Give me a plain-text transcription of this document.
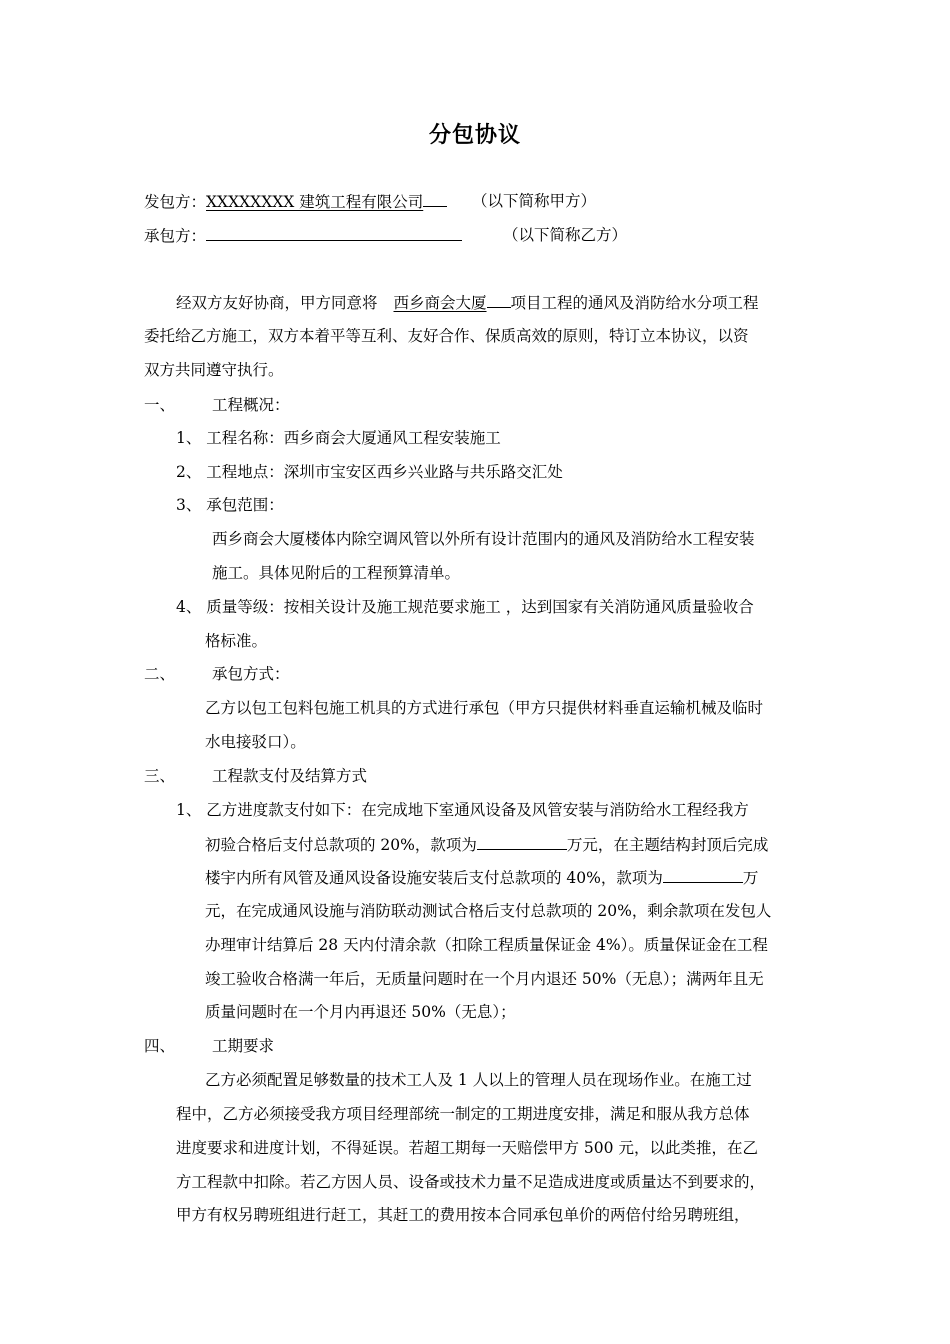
分包协议
发包方：XXXXXXXX 建筑工程有限公司	（以下简称甲方）
承包方：	（以下简称乙方）
经双方友好协商，甲方同意将 西乡商会大厦 项目工程的通风及消防给水分项工程
委托给乙方施工，双方本着平等互利、友好合作、保质高效的原则，特订立本协议，以资
双方共同遵守执行。
一、 工程概况：
1、 工程名称：西乡商会大厦通风工程安装施工
2、 工程地点：深圳市宝安区西乡兴业路与共乐路交汇处
3、 承包范围：
西乡商会大厦楼体内除空调风管以外所有设计范围内的通风及消防给水工程安装
施工。具体见附后的工程预算清单。
4、 质量等级：按相关设计及施工规范要求施工 ，达到国家有关消防通风质量验收合
格标准。
二、 承包方式：
乙方以包工包料包施工机具的方式进行承包（甲方只提供材料垂直运输机械及临时
水电接驳口）。
三、 工程款支付及结算方式
1、 乙方进度款支付如下：在完成地下室通风设备及风管安装与消防给水工程经我方
初验合格后支付总款项的 20%，款项为	万元，在主题结构封顶后完成
楼宇内所有风管及通风设备设施安装后支付总款项的 40%，款项为	万
元，在完成通风设施与消防联动测试合格后支付总款项的 20%，剩余款项在发包人
办理审计结算后 28 天内付清余款（扣除工程质量保证金 4%）。质量保证金在工程
竣工验收合格满一年后，无质量问题时在一个月内退还 50%（无息）；满两年且无
质量问题时在一个月内再退还 50%（无息）；
四、 工期要求
乙方必须配置足够数量的技术工人及 1 人以上的管理人员在现场作业。在施工过
程中，乙方必须接受我方项目经理部统一制定的工期进度安排，满足和服从我方总体
进度要求和进度计划，不得延误。若超工期每一天赔偿甲方 500 元，以此类推，在乙
方工程款中扣除。若乙方因人员、设备或技术力量不足造成进度或质量达不到要求的，
甲方有权另聘班组进行赶工，其赶工的费用按本合同承包单价的两倍付给另聘班组，
